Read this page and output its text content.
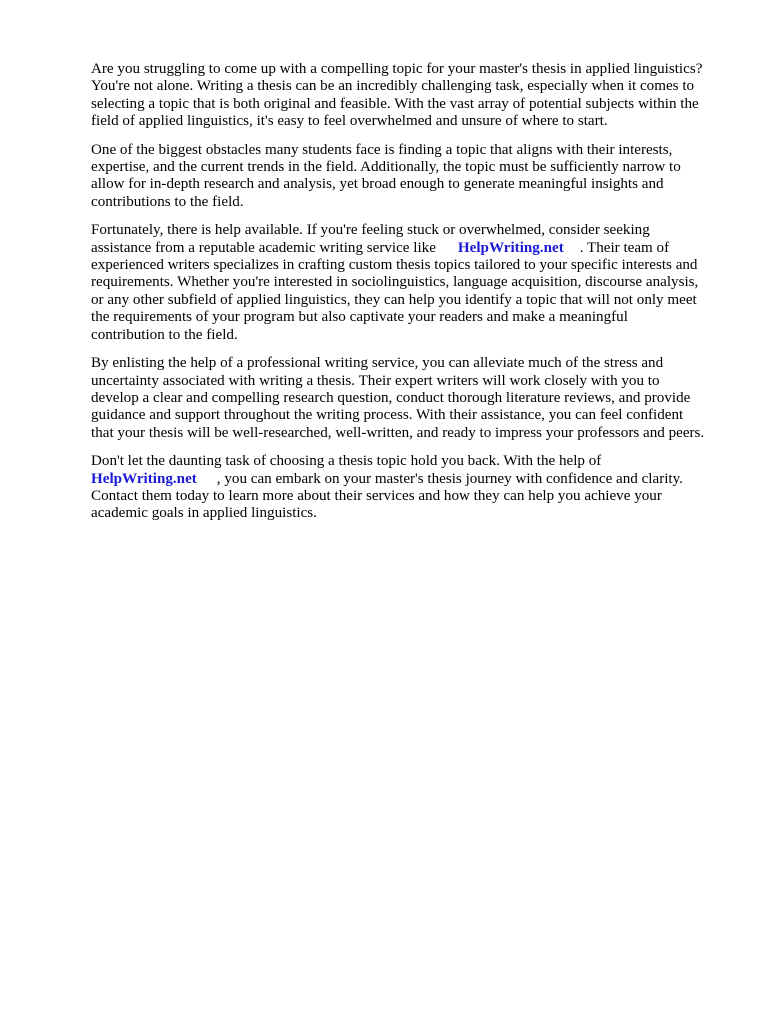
Are you struggling to come up with a compelling topic for your master's thesis in applied linguistics?
You're not alone. Writing a thesis can be an incredibly challenging task, especially when it comes to
selecting a topic that is both original and feasible. With the vast array of potential subjects within the
field of applied linguistics, it's easy to feel overwhelmed and unsure of where to start.

One of the biggest obstacles many students face is finding a topic that aligns with their interests,
expertise, and the current trends in the field. Additionally, the topic must be sufficiently narrow to
allow for in-depth research and analysis, yet broad enough to generate meaningful insights and
contributions to the field.

Fortunately, there is help available. If you're feeling stuck or overwhelmed, consider seeking
assistance from a reputable academic writing service like HelpWriting.net . Their team of
experienced writers specializes in crafting custom thesis topics tailored to your specific interests and
requirements. Whether you're interested in sociolinguistics, language acquisition, discourse analysis,
or any other subfield of applied linguistics, they can help you identify a topic that will not only meet
the requirements of your program but also captivate your readers and make a meaningful
contribution to the field.

By enlisting the help of a professional writing service, you can alleviate much of the stress and
uncertainty associated with writing a thesis. Their expert writers will work closely with you to
develop a clear and compelling research question, conduct thorough literature reviews, and provide
guidance and support throughout the writing process. With their assistance, you can feel confident
that your thesis will be well-researched, well-written, and ready to impress your professors and peers.

Don't let the daunting task of choosing a thesis topic hold you back. With the help of
HelpWriting.net , you can embark on your master's thesis journey with confidence and clarity.
Contact them today to learn more about their services and how they can help you achieve your
academic goals in applied linguistics.
